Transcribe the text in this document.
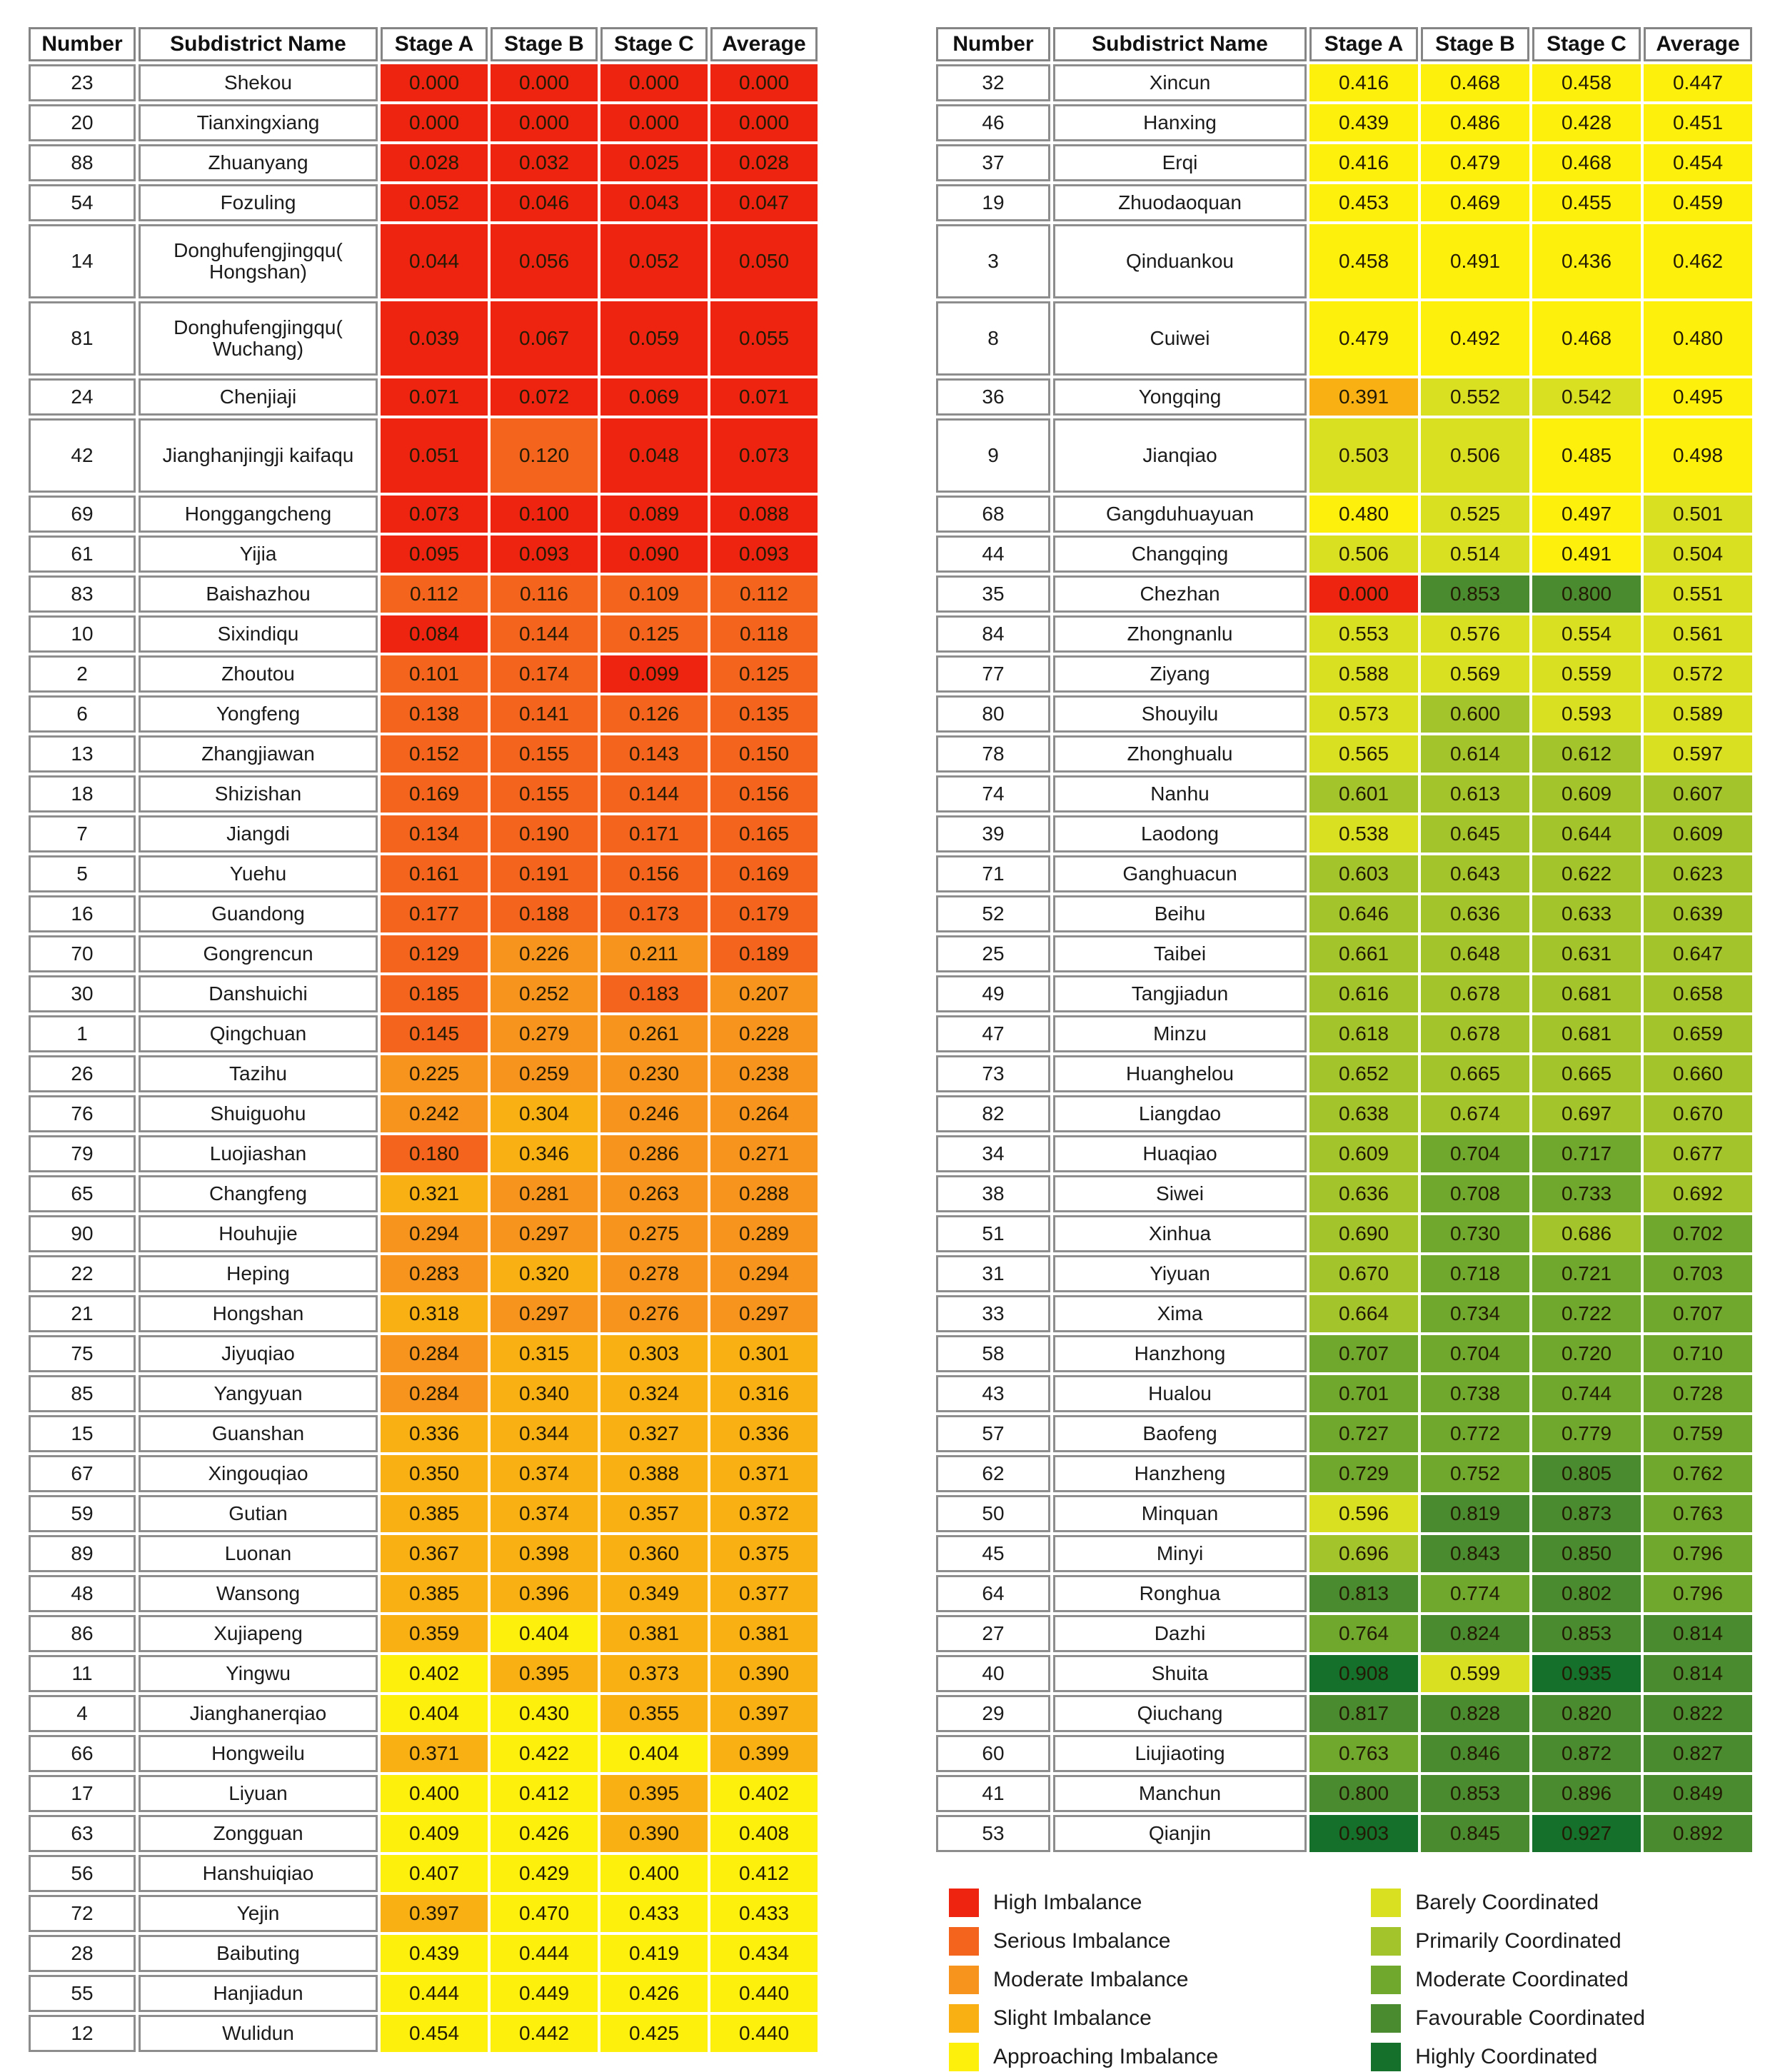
Number	Subdistrict Name	Stage A	Stage B	Stage C	Average
23	Shekou	0.000	0.000	0.000	0.000
20	Tianxingxiang	0.000	0.000	0.000	0.000
88	Zhuanyang	0.028	0.032	0.025	0.028
54	Fozuling	0.052	0.046	0.043	0.047
14	Donghufengjingqu(​Hongshan)	0.044	0.056	0.052	0.050
81	Donghufengjingqu(​Wuchang)	0.039	0.067	0.059	0.055
24	Chenjiaji	0.071	0.072	0.069	0.071
42	Jianghanjingji kaifaqu	0.051	0.120	0.048	0.073
69	Honggangcheng	0.073	0.100	0.089	0.088
61	Yijia	0.095	0.093	0.090	0.093
83	Baishazhou	0.112	0.116	0.109	0.112
10	Sixindiqu	0.084	0.144	0.125	0.118
2	Zhoutou	0.101	0.174	0.099	0.125
6	Yongfeng	0.138	0.141	0.126	0.135
13	Zhangjiawan	0.152	0.155	0.143	0.150
18	Shizishan	0.169	0.155	0.144	0.156
7	Jiangdi	0.134	0.190	0.171	0.165
5	Yuehu	0.161	0.191	0.156	0.169
16	Guandong	0.177	0.188	0.173	0.179
70	Gongrencun	0.129	0.226	0.211	0.189
30	Danshuichi	0.185	0.252	0.183	0.207
1	Qingchuan	0.145	0.279	0.261	0.228
26	Tazihu	0.225	0.259	0.230	0.238
76	Shuiguohu	0.242	0.304	0.246	0.264
79	Luojiashan	0.180	0.346	0.286	0.271
65	Changfeng	0.321	0.281	0.263	0.288
90	Houhujie	0.294	0.297	0.275	0.289
22	Heping	0.283	0.320	0.278	0.294
21	Hongshan	0.318	0.297	0.276	0.297
75	Jiyuqiao	0.284	0.315	0.303	0.301
85	Yangyuan	0.284	0.340	0.324	0.316
15	Guanshan	0.336	0.344	0.327	0.336
67	Xingouqiao	0.350	0.374	0.388	0.371
59	Gutian	0.385	0.374	0.357	0.372
89	Luonan	0.367	0.398	0.360	0.375
48	Wansong	0.385	0.396	0.349	0.377
86	Xujiapeng	0.359	0.404	0.381	0.381
11	Yingwu	0.402	0.395	0.373	0.390
4	Jianghanerqiao	0.404	0.430	0.355	0.397
66	Hongweilu	0.371	0.422	0.404	0.399
17	Liyuan	0.400	0.412	0.395	0.402
63	Zongguan	0.409	0.426	0.390	0.408
56	Hanshuiqiao	0.407	0.429	0.400	0.412
72	Yejin	0.397	0.470	0.433	0.433
28	Baibuting	0.439	0.444	0.419	0.434
55	Hanjiadun	0.444	0.449	0.426	0.440
12	Wulidun	0.454	0.442	0.425	0.440
Number	Subdistrict Name	Stage A	Stage B	Stage C	Average
32	Xincun	0.416	0.468	0.458	0.447
46	Hanxing	0.439	0.486	0.428	0.451
37	Erqi	0.416	0.479	0.468	0.454
19	Zhuodaoquan	0.453	0.469	0.455	0.459
3	Qinduankou	0.458	0.491	0.436	0.462
8	Cuiwei	0.479	0.492	0.468	0.480
36	Yongqing	0.391	0.552	0.542	0.495
9	Jianqiao	0.503	0.506	0.485	0.498
68	Gangduhuayuan	0.480	0.525	0.497	0.501
44	Changqing	0.506	0.514	0.491	0.504
35	Chezhan	0.000	0.853	0.800	0.551
84	Zhongnanlu	0.553	0.576	0.554	0.561
77	Ziyang	0.588	0.569	0.559	0.572
80	Shouyilu	0.573	0.600	0.593	0.589
78	Zhonghualu	0.565	0.614	0.612	0.597
74	Nanhu	0.601	0.613	0.609	0.607
39	Laodong	0.538	0.645	0.644	0.609
71	Ganghuacun	0.603	0.643	0.622	0.623
52	Beihu	0.646	0.636	0.633	0.639
25	Taibei	0.661	0.648	0.631	0.647
49	Tangjiadun	0.616	0.678	0.681	0.658
47	Minzu	0.618	0.678	0.681	0.659
73	Huanghelou	0.652	0.665	0.665	0.660
82	Liangdao	0.638	0.674	0.697	0.670
34	Huaqiao	0.609	0.704	0.717	0.677
38	Siwei	0.636	0.708	0.733	0.692
51	Xinhua	0.690	0.730	0.686	0.702
31	Yiyuan	0.670	0.718	0.721	0.703
33	Xima	0.664	0.734	0.722	0.707
58	Hanzhong	0.707	0.704	0.720	0.710
43	Hualou	0.701	0.738	0.744	0.728
57	Baofeng	0.727	0.772	0.779	0.759
62	Hanzheng	0.729	0.752	0.805	0.762
50	Minquan	0.596	0.819	0.873	0.763
45	Minyi	0.696	0.843	0.850	0.796
64	Ronghua	0.813	0.774	0.802	0.796
27	Dazhi	0.764	0.824	0.853	0.814
40	Shuita	0.908	0.599	0.935	0.814
29	Qiuchang	0.817	0.828	0.820	0.822
60	Liujiaoting	0.763	0.846	0.872	0.827
41	Manchun	0.800	0.853	0.896	0.849
53	Qianjin	0.903	0.845	0.927	0.892
High Imbalance
Serious Imbalance
Moderate Imbalance
Slight Imbalance
Approaching Imbalance
Barely Coordinated
Primarily Coordinated
Moderate Coordinated
Favourable Coordinated
Highly Coordinated
